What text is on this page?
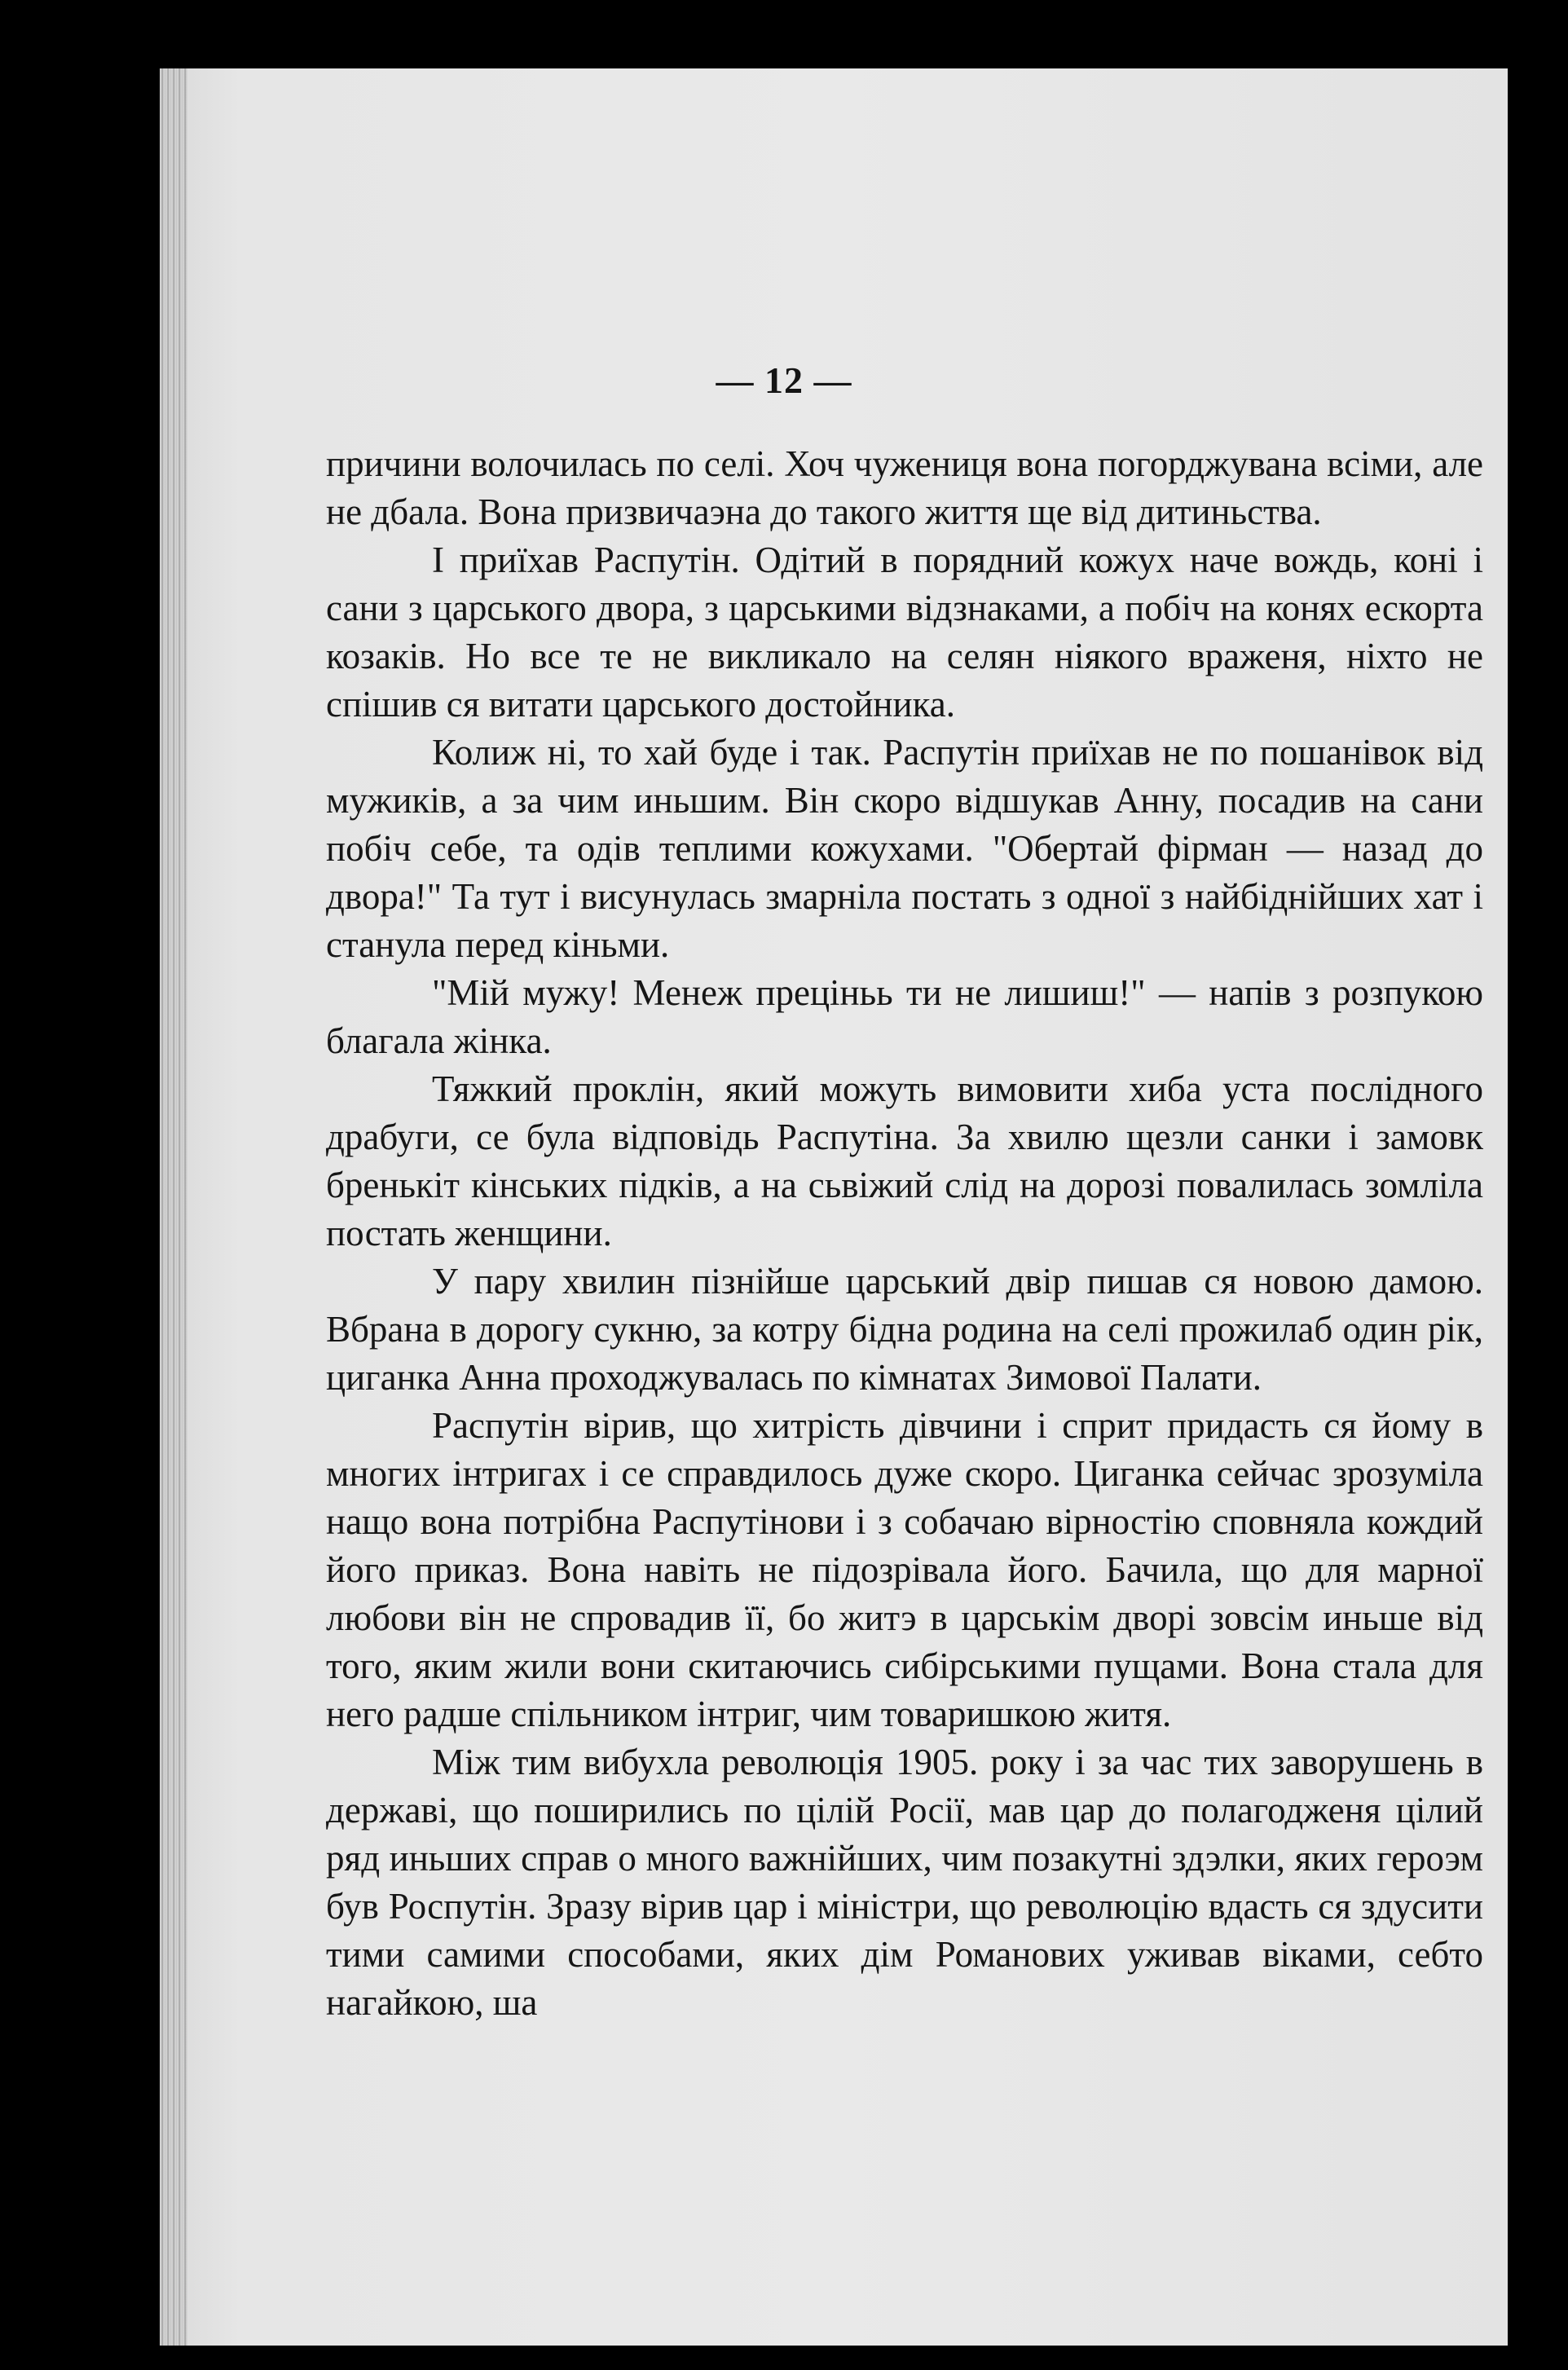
— 12 —

причини волочилась по селі. Хоч чужениця вона погорджувана всіми, але не дбала. Вона призвичаэна до такого життя ще від дитиньства.

І приїхав Распутін. Одітий в порядний кожух наче вождь, коні і сани з царського двора, з царськими відзнаками, а побіч на конях ескорта козаків. Но все те не викликало на селян ніякого враженя, ніхто не спішив ся витати царського достойника.

Колиж ні, то хай буде і так. Распутін приїхав не по пошанівок від мужиків, а за чим иньшим. Він скоро відшукав Анну, посадив на сани побіч себе, та одів теплими кожухами. "Обертай фірман — назад до двора!" Та тут і висунулась змарніла постать з одної з найбіднійших хат і станула перед кіньми.

"Мій мужу! Менеж преціньь ти не лишиш!" — напів з розпукою благала жінка.

Тяжкий проклін, який можуть вимовити хиба уста послідного драбуги, се була відповідь Распутіна. За хвилю щезли санки і замовк бренькіт кінських підків, а на сьвіжий слід на дорозі повалилась зомліла постать женщини.

У пару хвилин пізнійше царський двір пишав ся новою дамою. Вбрана в дорогу сукню, за котру бідна родина на селі прожилаб один рік, циганка Анна проходжувалась по кімнатах Зимової Палати.

Распутін вірив, що хитрість дівчини і сприт придасть ся йому в многих інтригах і се справдилось дуже скоро. Циганка сейчас зрозуміла нащо вона потрібна Распутінови і з собачаю вірностію сповняла кождий його приказ. Вона навіть не підозрівала його. Бачила, що для марної любови він не спровадив її, бо житэ в царськім дворі зовсім иньше від того, яким жили вони скитаючись сибірськими пущами. Вона стала для него радше спільником інтриг, чим товаришкою житя.

Між тим вибухла революція 1905. року і за час тих заворушень в державі, що поширились по цілій Росії, мав цар до полагодженя цілий ряд иньших справ о много важнійших, чим позакутні здэлки, яких героэм був Роспутін. Зразу вірив цар і міністри, що революцію вдасть ся здусити тими самими способами, яких дім Романових уживав віками, себто нагайкою, ша
